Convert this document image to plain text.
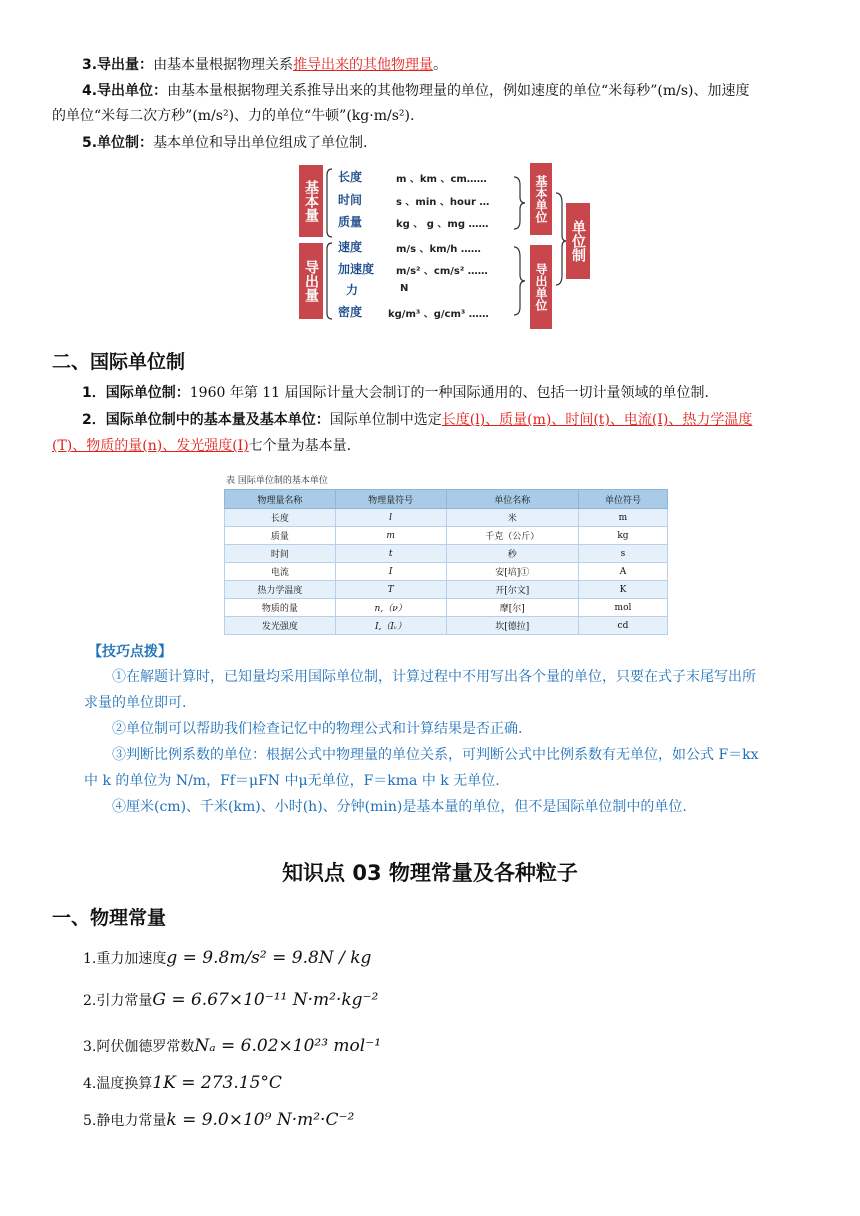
3.导出量：由基本量根据物理关系推导出来的其他物理量。
4.导出单位：由基本量根据物理关系推导出来的其他物理量的单位，例如速度的单位“米每秒”(m/s)、加速度
的单位“米每二次方秒”(m/s²)、力的单位“牛顿”(kg·m/s²).
5.单位制：基本单位和导出单位组成了单位制.
基本量
导出量
基本单位
导出单位
单位制
长度	m 、km 、cm……
时间	s 、min 、hour …
质量	kg 、 g 、mg ……
速度	m/s 、km/h ……
加速度 m/s² 、cm/s² ……
力	N
密度	kg/m³ 、g/cm³ ……
二、国际单位制
1．国际单位制：1960 年第 11 届国际计量大会制订的一种国际通用的、包括一切计量领域的单位制.
2．国际单位制中的基本量及基本单位：国际单位制中选定长度(l)、质量(m)、时间(t)、电流(I)、热力学温度
(T)、物质的量(n)、发光强度(I)七个量为基本量.
表 国际单位制的基本单位
物理量名称	物理量符号	单位名称	单位符号
长度	l	米	m
质量	m	千克（公斤）	kg
时间	t	秒	s
电流	I	安[培]①	A
热力学温度	T	开[尔文]	K
物质的量	n,（ν）	摩[尔]	mol
发光强度	I,（Iᵥ）	坎[德拉]	cd
【技巧点拨】
①在解题计算时，已知量均采用国际单位制，计算过程中不用写出各个量的单位，只要在式子末尾写出所
求量的单位即可.
②单位制可以帮助我们检查记忆中的物理公式和计算结果是否正确.
③判断比例系数的单位：根据公式中物理量的单位关系，可判断公式中比例系数有无单位，如公式 F＝kx
中 k 的单位为 N/m，Ff＝μFN 中μ无单位，F＝kma 中 k 无单位.
④厘米(cm)、千米(km)、小时(h)、分钟(min)是基本量的单位，但不是国际单位制中的单位.
知识点 03 物理常量及各种粒子
一、物理常量
1.重力加速度g = 9.8m/s² = 9.8N / kg
2.引力常量G = 6.67×10⁻¹¹ N·m²·kg⁻²
3.阿伏伽德罗常数Nₐ = 6.02×10²³ mol⁻¹
4.温度换算1K = 273.15°C
5.静电力常量k = 9.0×10⁹ N·m²·C⁻²
